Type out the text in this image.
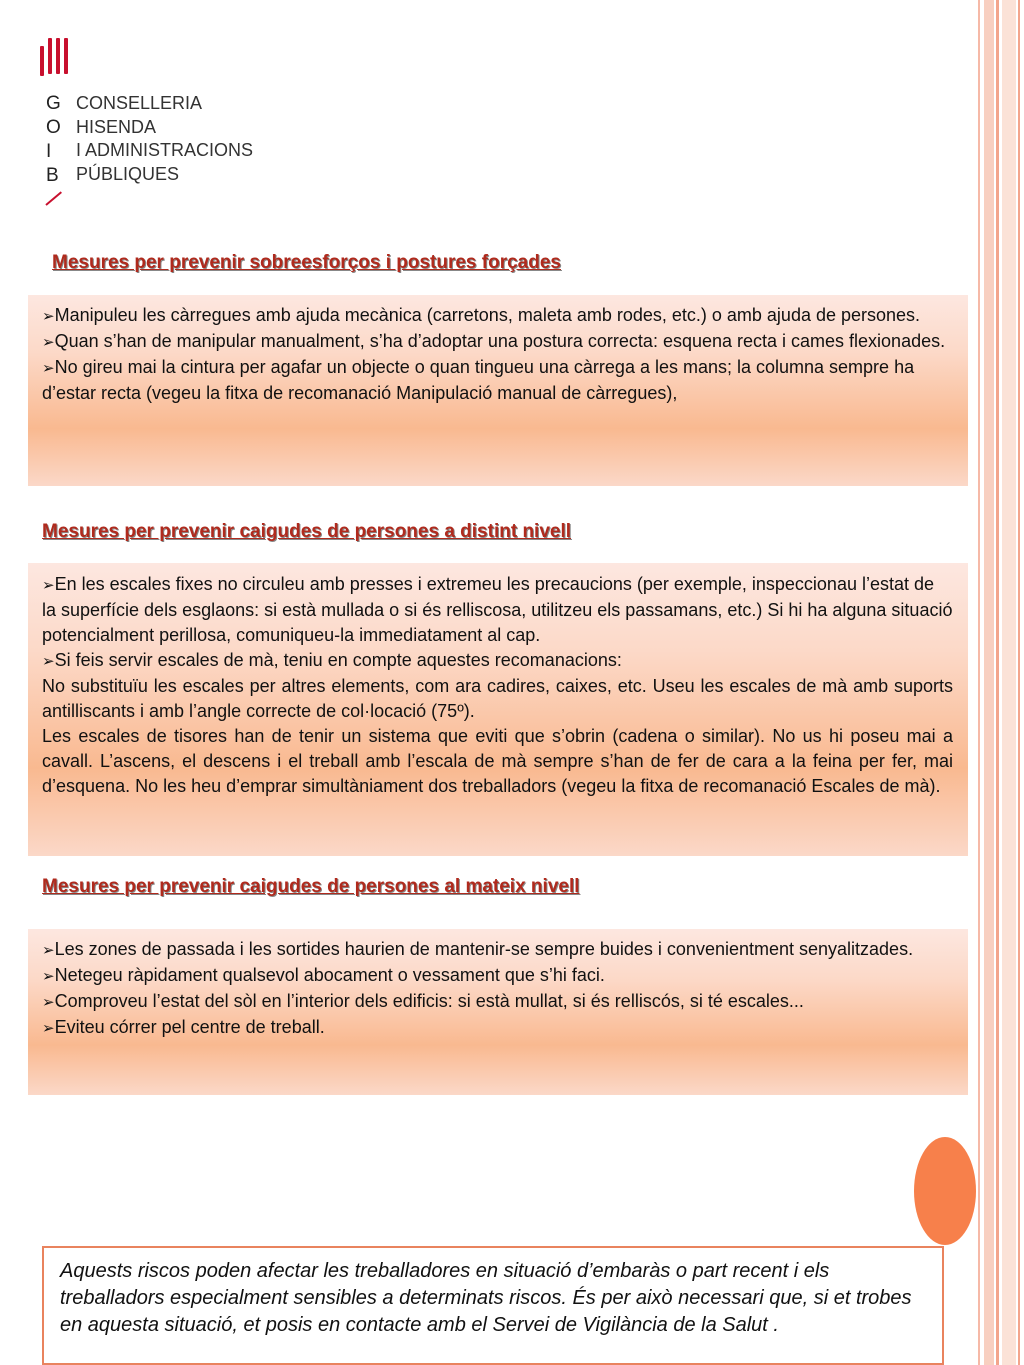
G
O
I
B
CONSELLERIA
HISENDA
I ADMINISTRACIONS
PÚBLIQUES
Mesures per prevenir sobreesforços i postures forçades

➢Manipuleu les càrregues amb ajuda mecànica (carretons, maleta amb rodes, etc.) o amb ajuda de persones.

➢Quan s’han de manipular manualment, s’ha d’adoptar una postura correcta: esquena recta i cames flexionades.

➢No gireu mai la cintura per agafar un objecte o quan tingueu una càrrega a les mans; la columna sempre ha d’estar recta (vegeu la fitxa de recomanació Manipulació manual de càrregues),

Mesures per prevenir caigudes de persones a distint nivell

➢En les escales fixes no circuleu amb presses i extremeu les precaucions (per exemple, inspeccionau l’estat de la superfície dels esglaons: si està mullada o si és relliscosa, utilitzeu els passamans, etc.) Si hi ha alguna situació potencialment perillosa, comuniqueu-la immediatament al cap.

➢Si feis servir escales de mà, teniu en compte aquestes recomanacions:

No substituïu les escales per altres elements, com ara cadires, caixes, etc. Useu les escales de mà amb suports antilliscants i amb l’angle correcte de col·locació (75º).

Les escales de tisores han de tenir un sistema que eviti que s’obrin (cadena o similar). No us hi poseu mai a cavall. L’ascens, el descens i el treball amb l’escala de mà sempre s’han de fer de cara a la feina per fer, mai d’esquena. No les heu d’emprar simultàniament dos treballadors (vegeu la fitxa de recomanació Escales de mà).

Mesures per prevenir caigudes de persones al mateix nivell

➢Les zones de passada i les sortides haurien de mantenir-se sempre buides i convenientment senyalitzades.

➢Netegeu ràpidament qualsevol abocament o vessament que s’hi faci.

➢Comproveu l’estat del sòl en l’interior dels edificis: si està mullat, si és relliscós, si té escales...

➢Eviteu córrer pel centre de treball.

Aquests riscos poden afectar les treballadores en situació d’embaràs o part recent i els treballadors especialment sensibles a determinats riscos. És per això necessari que, si et trobes en aquesta situació, et posis en contacte amb el Servei de Vigilància de la Salut .
